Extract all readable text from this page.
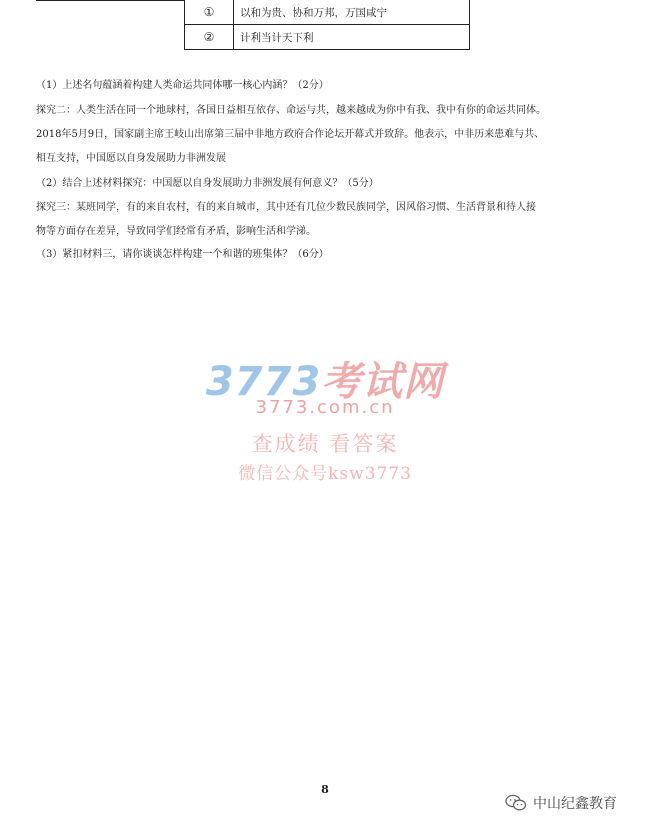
①	以和为贵、协和万邦，万国咸宁
②	计利当计天下利
（1）上述名句蕴涵着构建人类命运共同体哪一核心内涵？（2分）
探究二：人类生活在同一个地球村，各国日益相互依存、命运与共，越来越成为你中有我、我中有你的命运共同体。
2018年5月9日，国家副主席王岐山出席第三届中非地方政府合作论坛开幕式并致辞。他表示，中非历来患难与共、
相互支持，中国愿以自身发展助力非洲发展
（2）结合上述材料探究：中国愿以自身发展助力非洲发展有何意义？（5分）
探究三：某班同学，有的来自农村，有的来自城市，其中还有几位少数民族同学，因风俗习惯、生活背景和待人接
物等方面存在差异，导致同学们经常有矛盾，影响生活和学涕。
（3）紧扣材料三，请你谈谈怎样构建一个和谐的班集体？（6分）
3773考试网
3773.com.cn
查成绩 看答案
微信公众号ksw3773
8
中山纪鑫教育
